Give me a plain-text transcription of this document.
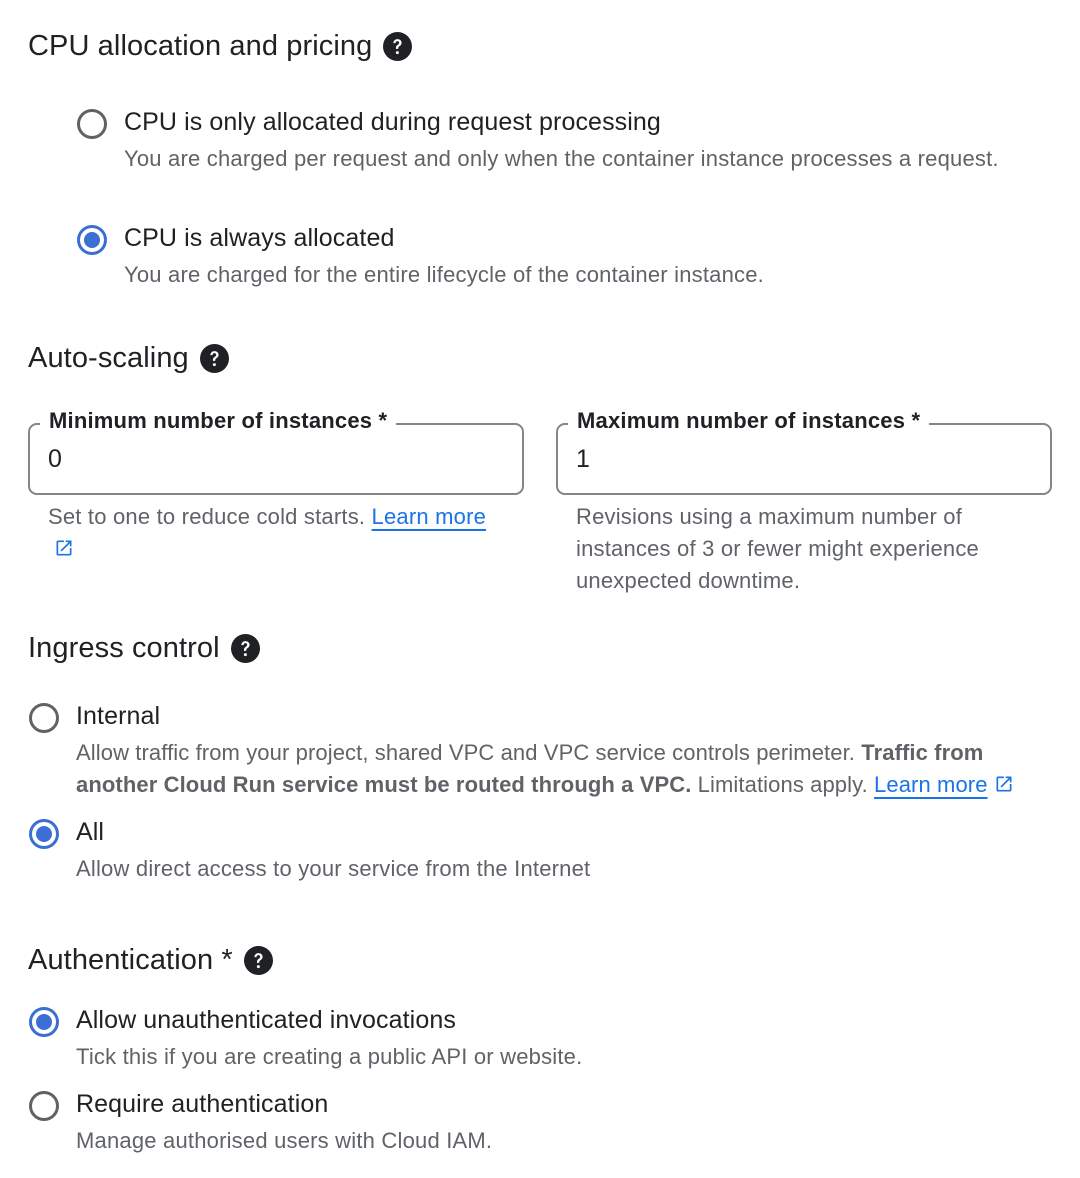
CPU allocation and pricing
CPU is only allocated during request processing
You are charged per request and only when the container instance processes a request.
CPU is always allocated
You are charged for the entire lifecycle of the container instance.
Auto-scaling
Minimum number of instances *
0
Set to one to reduce cold starts. Learn more
Maximum number of instances *
1
Revisions using a maximum number of instances of 3 or fewer might experience unexpected downtime.
Ingress control
Internal
Allow traffic from your project, shared VPC and VPC service controls perimeter. Traffic from another Cloud Run service must be routed through a VPC. Limitations apply. Learn more
All
Allow direct access to your service from the Internet
Authentication *
Allow unauthenticated invocations
Tick this if you are creating a public API or website.
Require authentication
Manage authorised users with Cloud IAM.
